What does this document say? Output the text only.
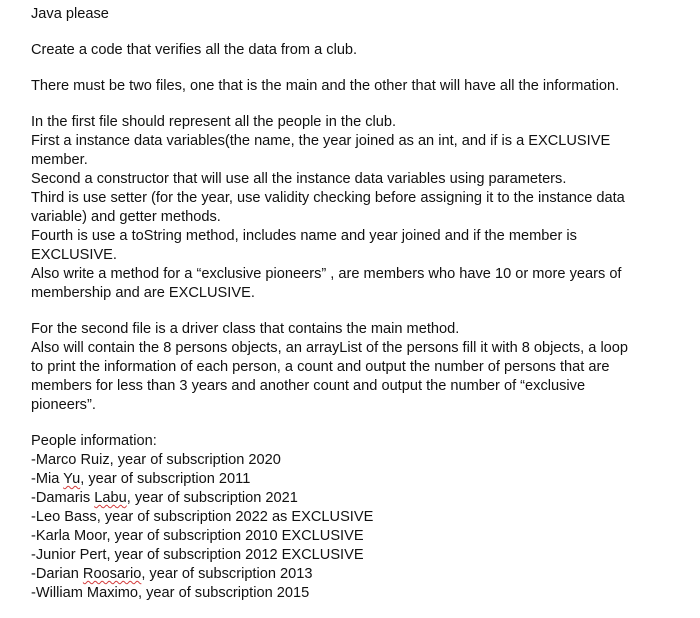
Java please

Create a code that verifies all the data from a club.

There must be two files, one that is the main and the other that will have all the information.

In the first file should represent all the people in the club.
First a instance data variables(the name, the year joined as an int, and if is a EXCLUSIVE
member.
Second a constructor that will use all the instance data variables using parameters.
Third is use setter (for the year, use validity checking before assigning it to the instance data
variable) and getter methods.
Fourth is use a toString method, includes name and year joined and if the member is
EXCLUSIVE.
Also write a method for a “exclusive pioneers” , are members who have 10 or more years of
membership and are EXCLUSIVE.

For the second file is a driver class that contains the main method.
Also will contain the 8 persons objects, an arrayList of the persons fill it with 8 objects, a loop
to print the information of each person, a count and output the number of persons that are
members for less than 3 years and another count and output the number of “exclusive
pioneers”.

People information:
-Marco Ruiz, year of subscription 2020
-Mia Yu, year of subscription 2011
-Damaris Labu, year of subscription 2021
-Leo Bass, year of subscription 2022 as EXCLUSIVE
-Karla Moor, year of subscription 2010 EXCLUSIVE
-Junior Pert, year of subscription 2012 EXCLUSIVE
-Darian Roosario, year of subscription 2013
-William Maximo, year of subscription 2015
